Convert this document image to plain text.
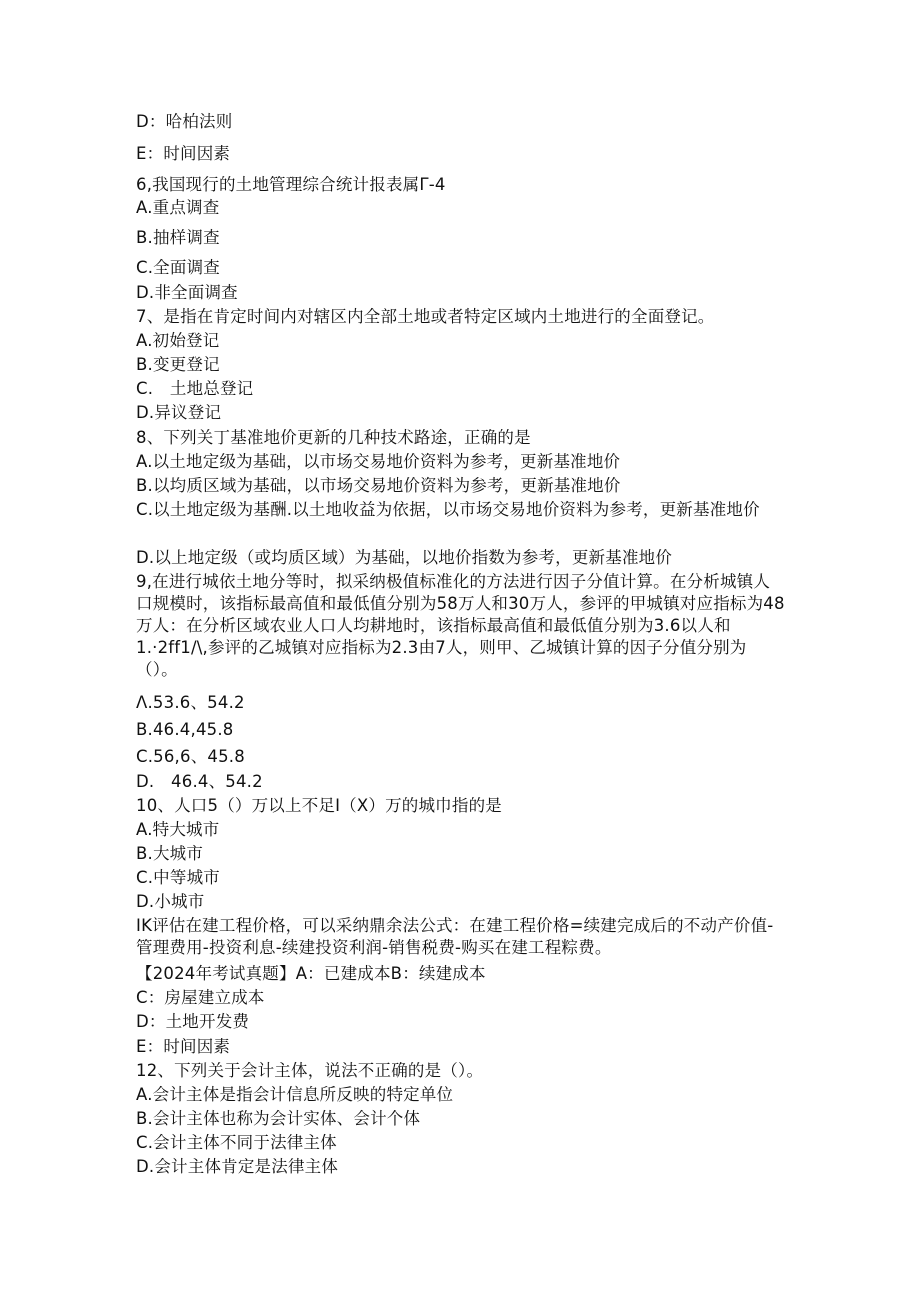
D：哈柏法则

E：时间因素

6,我国现行的土地管理综合统计报表属Γ-4

A.重点调查

B.抽样调查

C.全面调查

D.非全面调查

7、是指在肯定时间内对辖区内全部土地或者特定区域内土地进行的全面登记。

A.初始登记

B.变更登记

C.　土地总登记

D.异议登记

8、下列关丁基准地价更新的几种技术路途，正确的是

A.以土地定级为基础，以市场交易地价资料为参考，更新基准地价

B.以均质区域为基础，以市场交易地价资料为参考，更新基准地价

C.以土地定级为基酬.以土地收益为依据，以市场交易地价资料为参考，更新基准地价

D.以上地定级（或均质区域）为基础，以地价指数为参考，更新基准地价

9,在进行城依土地分等时，拟采纳极值标准化的方法进行因子分值计算。在分析城镇人口规模时，该指标最高值和最低值分别为58万人和30万人，参评的甲城镇对应指标为48万人：在分析区域农业人口人均耕地时，该指标最高值和最低值分别为3.6以人和1.·2ff1/\,参评的乙城镇对应指标为2.3由7人，则甲、乙城镇计算的因子分值分别为（）。

Λ.53.6、54.2

B.46.4,45.8

C.56,6、45.8

D.　46.4、54.2

10、人口5（）万以上不足I（X）万的城巾指的是

A.特大城市

B.大城市

C.中等城市

D.小城市

IK评估在建工程价格，可以采纳鼎余法公式：在建工程价格=续建完成后的不动产价值-管理费用-投资利息-续建投资利润-销售税费-购买在建工程粽费。

【2024年考试真题】A：已建成本B：续建成本

C：房屋建立成本

D：土地开发费

E：时间因素

12、下列关于会计主体，说法不正确的是（）。

A.会计主体是指会计信息所反映的特定单位

B.会计主体也称为会计实体、会计个体

C.会计主体不同于法律主体

D.会计主体肯定是法律主体
